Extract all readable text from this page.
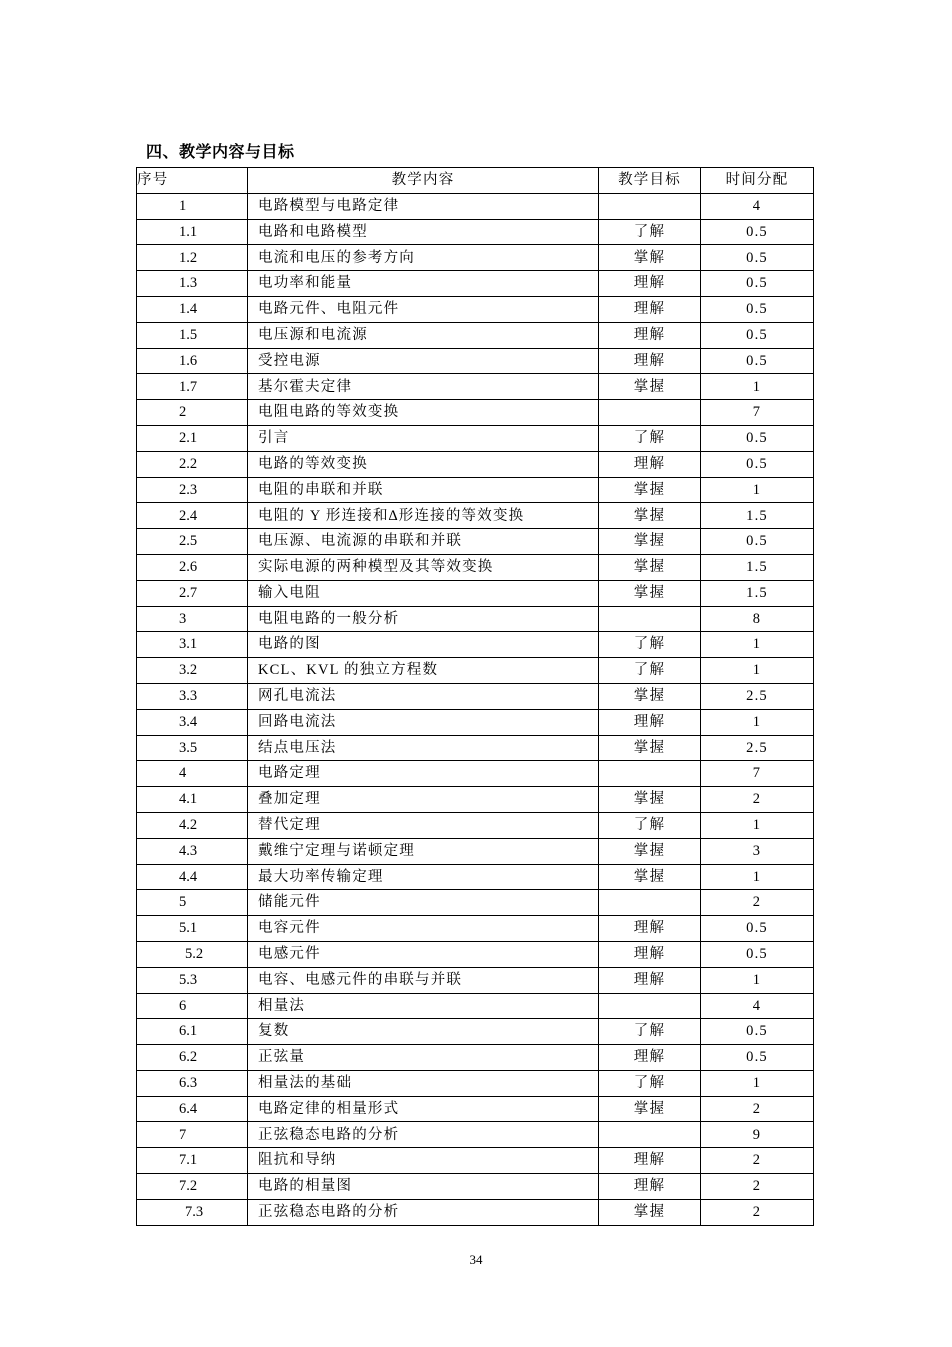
四、教学内容与目标
序号	教学内容	教学目标	时间分配
1	电路模型与电路定律		4
1.1	电路和电路模型	了解	0.5
1.2	电流和电压的参考方向	掌解	0.5
1.3	电功率和能量	理解	0.5
1.4	电路元件、电阻元件	理解	0.5
1.5	电压源和电流源	理解	0.5
1.6	受控电源	理解	0.5
1.7	基尔霍夫定律	掌握	1
2	电阻电路的等效变换		7
2.1	引言	了解	0.5
2.2	电路的等效变换	理解	0.5
2.3	电阻的串联和并联	掌握	1
2.4	电阻的 Y 形连接和∆形连接的等效变换	掌握	1.5
2.5	电压源、电流源的串联和并联	掌握	0.5
2.6	实际电源的两种模型及其等效变换	掌握	1.5
2.7	输入电阻	掌握	1.5
3	电阻电路的一般分析		8
3.1	电路的图	了解	1
3.2	KCL、KVL 的独立方程数	了解	1
3.3	网孔电流法	掌握	2.5
3.4	回路电流法	理解	1
3.5	结点电压法	掌握	2.5
4	电路定理		7
4.1	叠加定理	掌握	2
4.2	替代定理	了解	1
4.3	戴维宁定理与诺顿定理	掌握	3
4.4	最大功率传输定理	掌握	1
5	储能元件		2
5.1	电容元件	理解	0.5
5.2	电感元件	理解	0.5
5.3	电容、电感元件的串联与并联	理解	1
6	相量法		4
6.1	复数	了解	0.5
6.2	正弦量	理解	0.5
6.3	相量法的基础	了解	1
6.4	电路定律的相量形式	掌握	2
7	正弦稳态电路的分析		9
7.1	阻抗和导纳	理解	2
7.2	电路的相量图	理解	2
7.3	正弦稳态电路的分析	掌握	2
34
